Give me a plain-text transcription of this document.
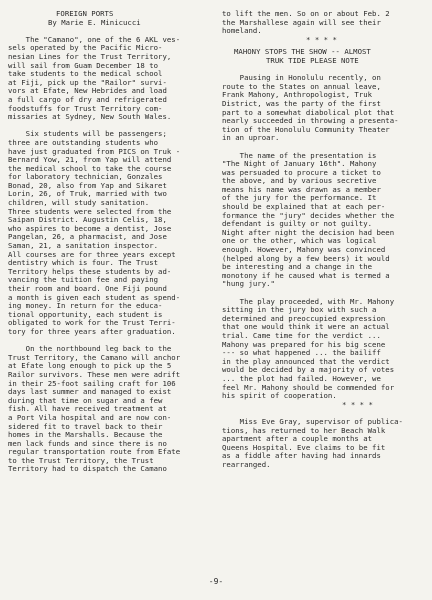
FOREIGN PORTS
By Marie E. Minicucci
The "Camano", one of the 6 AKL ves-
sels operated by the Pacific Micro-
nesian Lines for the Trust Territory,
will sail from Guam December 18 to
take students to the medical school
at Fiji, pick up the "Railor" survi-
vors at Efate, New Hebrides and load
a full cargo of dry and refrigerated
foodstuffs for Trust Territory com-
missaries at Sydney, New South Wales.
Six students will be passengers;
three are outstanding students who
have just graduated from PICS on Truk -
Bernard Yow, 21, from Yap will attend
the medical school to take the course
for laboratory technician, Gonzales
Bonad, 20, also from Yap and Sikaret
Lorin, 26, of Truk, married with two
children, will study sanitation.
Three students were selected from the
Saipan District. Augustin Celis, 18,
who aspires to become a dentist, Jose
Pangelan, 26, a pharmacist, and Jose
Saman, 21, a sanitation inspector.
All courses are for three years except
dentistry which is four. The Trust
Territory helps these students by ad-
vancing the tuition fee and paying
their room and board. One Fiji pound
a month is given each student as spend-
ing money. In return for the educa-
tional opportunity, each student is
obligated to work for the Trust Terri-
tory for three years after graduation.
On the northbound leg back to the
Trust Territory, the Camano will anchor
at Efate long enough to pick up the 5
Railor survivors. These men were adrift
in their 25-foot sailing craft for 106
days last summer and managed to exist
during that time on sugar and a few
fish. All have received treatment at
a Port Vila hospital and are now con-
sidered fit to travel back to their
homes in the Marshalls. Because the
men lack funds and since there is no
regular transportation route from Efate
to the Trust Territory, the Trust
Territory had to dispatch the Camano
to lift the men. So on or about Feb. 2
the Marshallese again will see their
homeland.
* * * *
MAHONY STOPS THE SHOW -- ALMOST
TRUK TIDE PLEASE NOTE
Pausing in Honolulu recently, on
route to the States on annual leave,
Frank Mahony, Anthropologist, Truk
District, was the party of the first
part to a somewhat diabolical plot that
nearly succeeded in throwing a presenta-
tion of the Honolulu Community Theater
in an uproar.
The name of the presentation is
"The Night of January 16th". Mahony
was persuaded to procure a ticket to
the above, and by various secretive
means his name was drawn as a member
of the jury for the performance. It
should be explained that at each per-
formance the "jury" decides whether the
defendant is guilty or not guilty.
Night after night the decision had been
one or the other, which was logical
enough. However, Mahony was convinced
(helped along by a few beers) it would
be interesting and a change in the
monotony if he caused what is termed a
"hung jury."
The play proceeded, with Mr. Mahony
sitting in the jury box with such a
determined and preoccupied expression
that one would think it were an actual
trial. Came time for the verdict ...
Mahony was prepared for his big scene
--- so what happened ... the bailiff
in the play announced that the verdict
would be decided by a majority of votes
... the plot had failed. However, we
feel Mr. Mahony should be commended for
his spirit of cooperation.
* * * *
Miss Eve Gray, supervisor of publica-
tions, has returned to her Beach Walk
apartment after a couple months at
Queens Hospital. Eve claims to be fit
as a fiddle after having had innards
rearranged.
-9-
